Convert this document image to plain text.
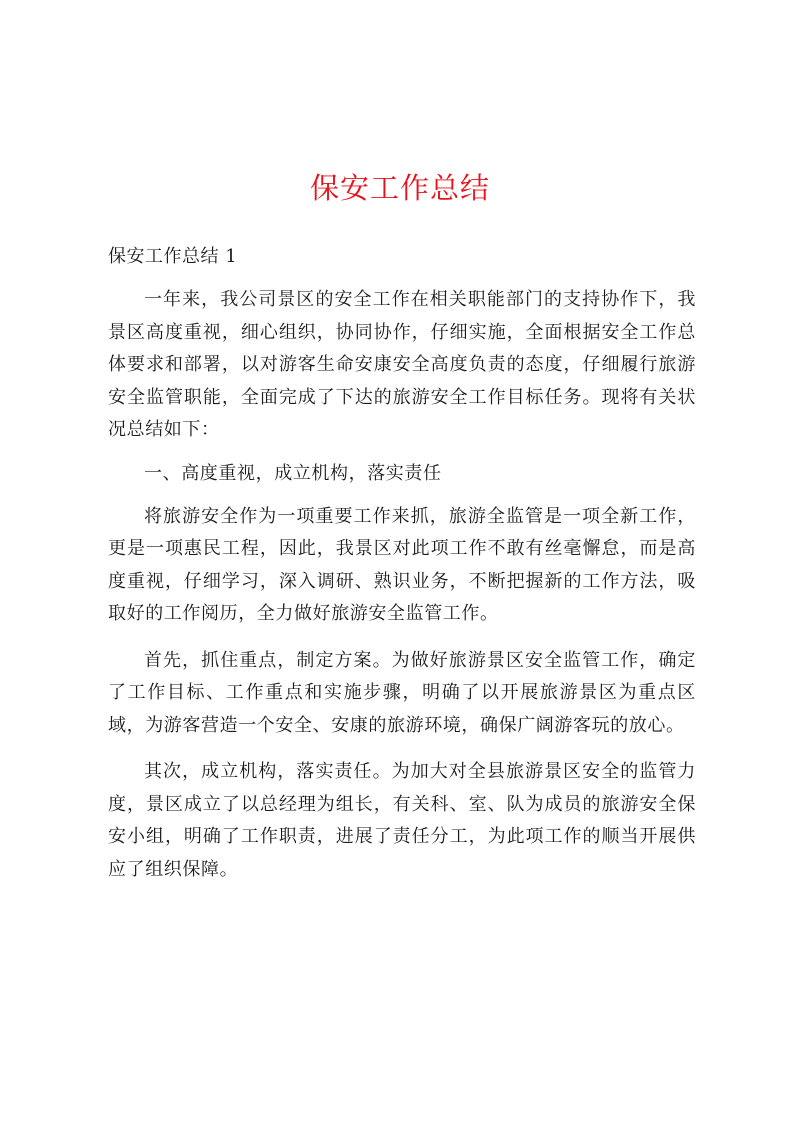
保安工作总结
保安工作总结 1

一年来，我公司景区的安全工作在相关职能部门的支持协作下，我景区高度重视，细心组织，协同协作，仔细实施，全面根据安全工作总体要求和部署，以对游客生命安康安全高度负责的态度，仔细履行旅游安全监管职能，全面完成了下达的旅游安全工作目标任务。现将有关状况总结如下：

一、高度重视，成立机构，落实责任

将旅游安全作为一项重要工作来抓，旅游全监管是一项全新工作，更是一项惠民工程，因此，我景区对此项工作不敢有丝毫懈怠，而是高度重视，仔细学习，深入调研、熟识业务，不断把握新的工作方法，吸取好的工作阅历，全力做好旅游安全监管工作。

首先，抓住重点，制定方案。为做好旅游景区安全监管工作，确定了工作目标、工作重点和实施步骤，明确了以开展旅游景区为重点区域，为游客营造一个安全、安康的旅游环境，确保广阔游客玩的放心。

其次，成立机构，落实责任。为加大对全县旅游景区安全的监管力度，景区成立了以总经理为组长，有关科、室、队为成员的旅游安全保安小组，明确了工作职责，进展了责任分工，为此项工作的顺当开展供应了组织保障。
